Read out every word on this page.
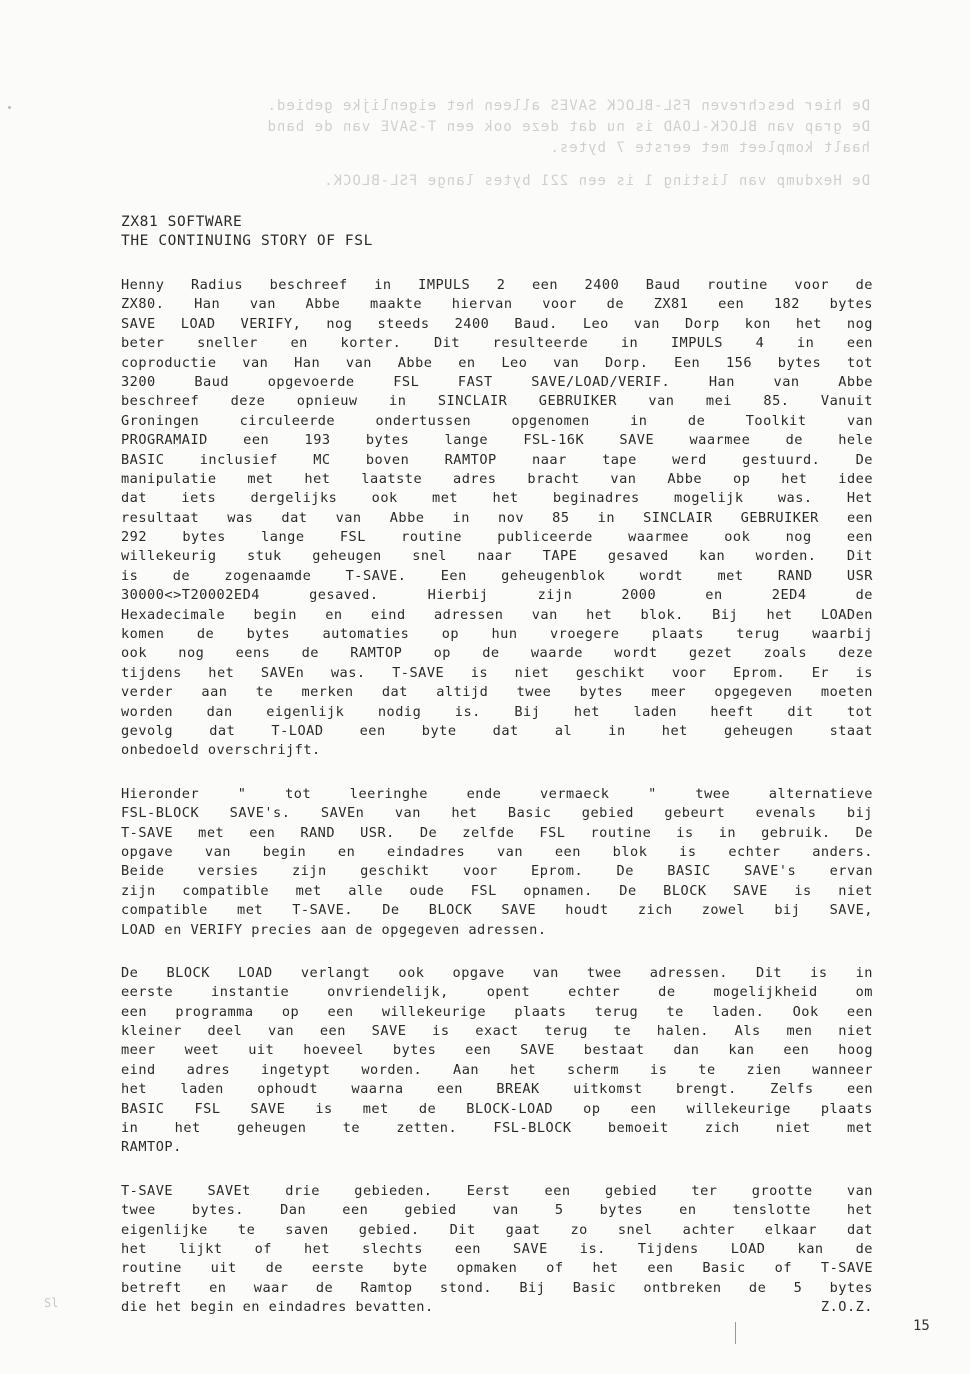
De hier beschreven FSL-BLOCK SAVES alleen het eigenlijke gebied.
De grap van BLOCK-LOAD is nu dat deze ook een T-SAVE van de band
haalt kompleet met eerste 7 bytes.
De Hexdump van listing 1 is een 221 bytes lange FSL-BLOCK.
ZX81 SOFTWARE
THE CONTINUING STORY OF FSL
Henny Radius beschreef in IMPULS 2 een 2400 Baud routine voor de
ZX80. Han van Abbe maakte hiervan voor de ZX81 een 182 bytes
SAVE LOAD VERIFY, nog steeds 2400 Baud. Leo van Dorp kon het nog
beter sneller en korter. Dit resulteerde in IMPULS 4 in een
coproductie van Han van Abbe en Leo van Dorp. Een 156 bytes tot
3200 Baud opgevoerde FSL FAST SAVE/LOAD/VERIF. Han van Abbe
beschreef deze opnieuw in SINCLAIR GEBRUIKER van mei 85. Vanuit
Groningen circuleerde ondertussen opgenomen in de Toolkit van
PROGRAMAID een 193 bytes lange FSL-16K SAVE waarmee de hele
BASIC inclusief MC boven RAMTOP naar tape werd gestuurd. De
manipulatie met het laatste adres bracht van Abbe op het idee
dat iets dergelijks ook met het beginadres mogelijk was. Het
resultaat was dat van Abbe in nov 85 in SINCLAIR GEBRUIKER een
292 bytes lange FSL routine publiceerde waarmee ook nog een
willekeurig stuk geheugen snel naar TAPE gesaved kan worden. Dit
is de zogenaamde T-SAVE. Een geheugenblok wordt met RAND USR
30000<>T20002ED4 gesaved. Hierbij zijn 2000 en 2ED4 de
Hexadecimale begin en eind adressen van het blok. Bij het LOADen
komen de bytes automaties op hun vroegere plaats terug waarbij
ook nog eens de RAMTOP op de waarde wordt gezet zoals deze
tijdens het SAVEn was. T-SAVE is niet geschikt voor Eprom. Er is
verder aan te merken dat altijd twee bytes meer opgegeven moeten
worden dan eigenlijk nodig is. Bij het laden heeft dit tot
gevolg dat T-LOAD een byte dat al in het geheugen staat
onbedoeld overschrijft.
Hieronder " tot leeringhe ende vermaeck " twee alternatieve
FSL-BLOCK SAVE's. SAVEn van het Basic gebied gebeurt evenals bij
T-SAVE met een RAND USR. De zelfde FSL routine is in gebruik. De
opgave van begin en eindadres van een blok is echter anders.
Beide versies zijn geschikt voor Eprom. De BASIC SAVE's ervan
zijn compatible met alle oude FSL opnamen. De BLOCK SAVE is niet
compatible met T-SAVE. De BLOCK SAVE houdt zich zowel bij SAVE,
LOAD en VERIFY precies aan de opgegeven adressen.
De BLOCK LOAD verlangt ook opgave van twee adressen. Dit is in
eerste instantie onvriendelijk, opent echter de mogelijkheid om
een programma op een willekeurige plaats terug te laden. Ook een
kleiner deel van een SAVE is exact terug te halen. Als men niet
meer weet uit hoeveel bytes een SAVE bestaat dan kan een hoog
eind adres ingetypt worden. Aan het scherm is te zien wanneer
het laden ophoudt waarna een BREAK uitkomst brengt. Zelfs een
BASIC FSL SAVE is met de BLOCK-LOAD op een willekeurige plaats
in het geheugen te zetten. FSL-BLOCK bemoeit zich niet met
RAMTOP.
T-SAVE SAVEt drie gebieden. Eerst een gebied ter grootte van
twee bytes. Dan een gebied van 5 bytes en tenslotte het
eigenlijke te saven gebied. Dit gaat zo snel achter elkaar dat
het lijkt of het slechts een SAVE is. Tijdens LOAD kan de
routine uit de eerste byte opmaken of het een Basic of T-SAVE
betreft en waar de Ramtop stond. Bij Basic ontbreken de 5 bytes
die het begin en eindadres bevatten.	Z.O.Z.
Sl
15
